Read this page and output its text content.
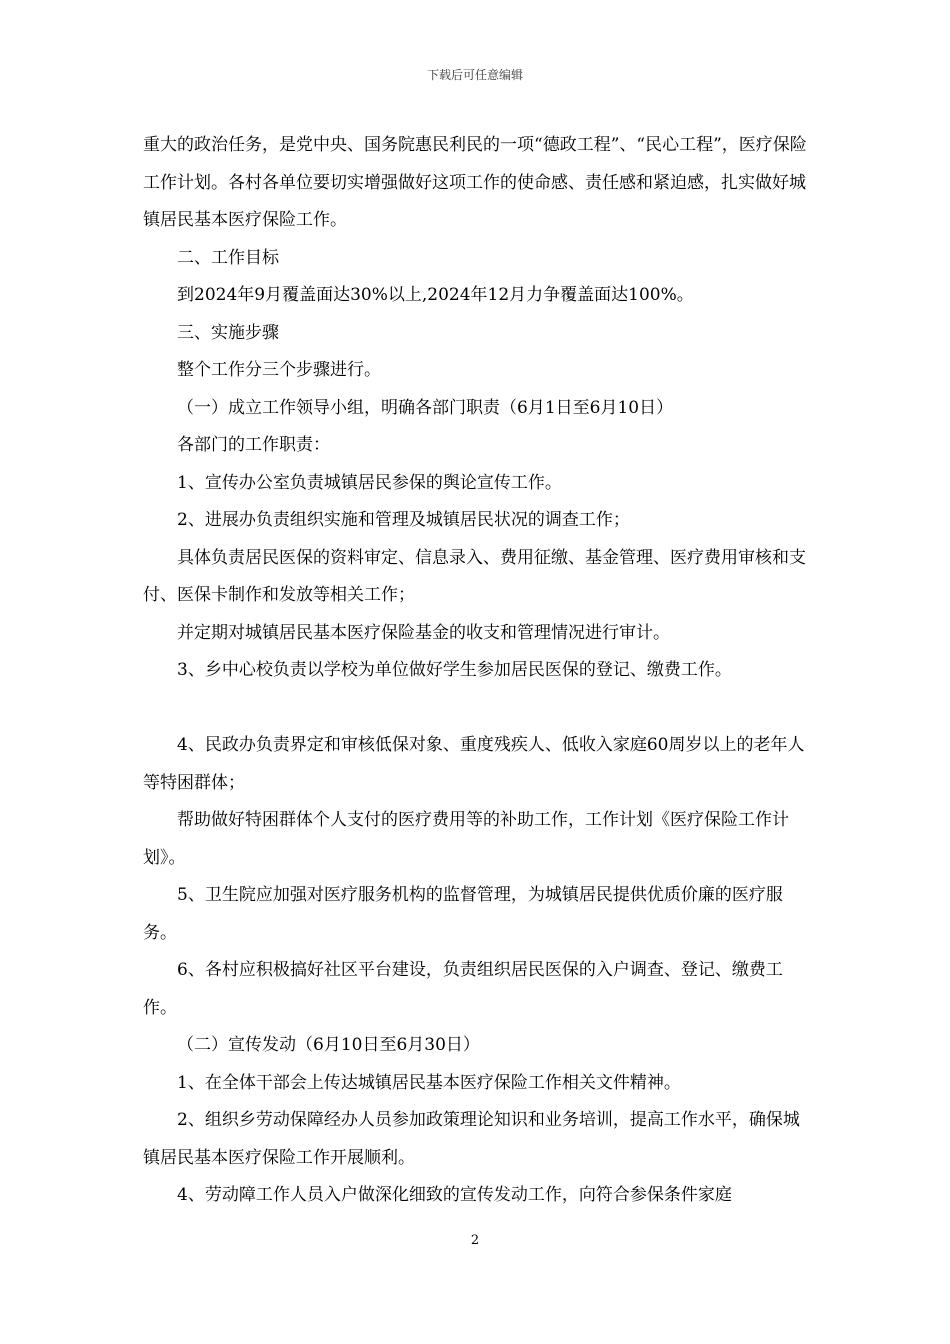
下载后可任意编辑

重大的政治任务，是党中央、国务院惠民利民的一项“德政工程”、“民心工程”，医疗保险工作计划。各村各单位要切实增强做好这项工作的使命感、责任感和紧迫感，扎实做好城镇居民基本医疗保险工作。

二、工作目标

到2024年9月覆盖面达30%以上,2024年12月力争覆盖面达100%。

三、实施步骤

整个工作分三个步骤进行。

（一）成立工作领导小组，明确各部门职责（6月1日至6月10日）

各部门的工作职责：

1、宣传办公室负责城镇居民参保的舆论宣传工作。

2、进展办负责组织实施和管理及城镇居民状况的调查工作；

具体负责居民医保的资料审定、信息录入、费用征缴、基金管理、医疗费用审核和支付、医保卡制作和发放等相关工作；

并定期对城镇居民基本医疗保险基金的收支和管理情况进行审计。

3、乡中心校负责以学校为单位做好学生参加居民医保的登记、缴费工作。

4、民政办负责界定和审核低保对象、重度残疾人、低收入家庭60周岁以上的老年人等特困群体；

帮助做好特困群体个人支付的医疗费用等的补助工作，工作计划《医疗保险工作计划》。

5、卫生院应加强对医疗服务机构的监督管理，为城镇居民提供优质价廉的医疗服务。

6、各村应积极搞好社区平台建设，负责组织居民医保的入户调查、登记、缴费工作。

（二）宣传发动（6月10日至6月30日）

1、在全体干部会上传达城镇居民基本医疗保险工作相关文件精神。

2、组织乡劳动保障经办人员参加政策理论知识和业务培训，提高工作水平，确保城镇居民基本医疗保险工作开展顺利。

4、劳动障工作人员入户做深化细致的宣传发动工作，向符合参保条件家庭

2
